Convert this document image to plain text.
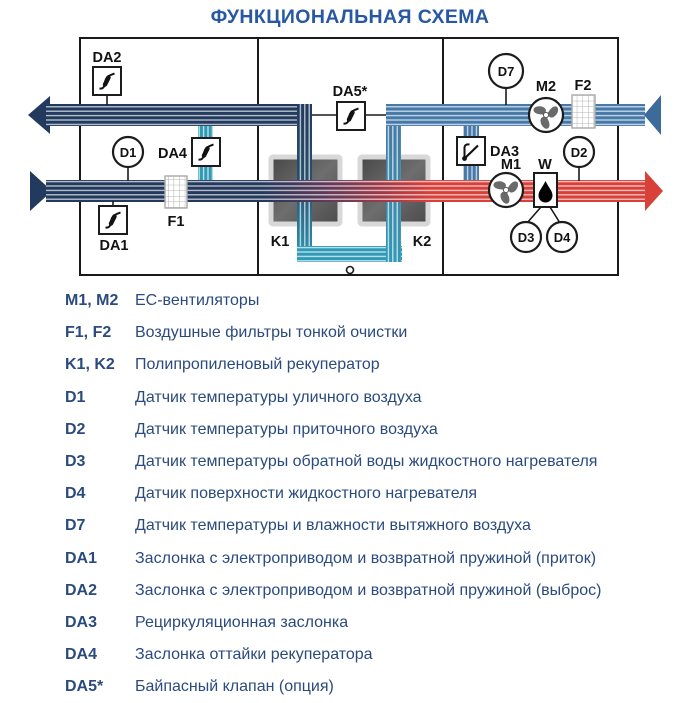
ФУНКЦИОНАЛЬНАЯ СХЕМА
D1
D7
D2
D3 D4
DA2
DA1
DA4
DA5*
DA3
F1
F2
M2
M1 W
K1	K2
M1, M2	ЕС-вентиляторы
F1, F2	Воздушные фильтры тонкой очистки
K1, K2	Полипропиленовый рекуператор
D1	Датчик температуры уличного воздуха
D2	Датчик температуры приточного воздуха
D3	Датчик температуры обратной воды жидкостного нагревателя
D4	Датчик поверхности жидкостного нагревателя
D7	Датчик температуры и влажности вытяжного воздуха
DA1	Заслонка с электроприводом и возвратной пружиной (приток)
DA2	Заслонка с электроприводом и возвратной пружиной (выброс)
DA3	Рециркуляционная заслонка
DA4	Заслонка оттайки рекуператора
DA5*	Байпасный клапан (опция)
